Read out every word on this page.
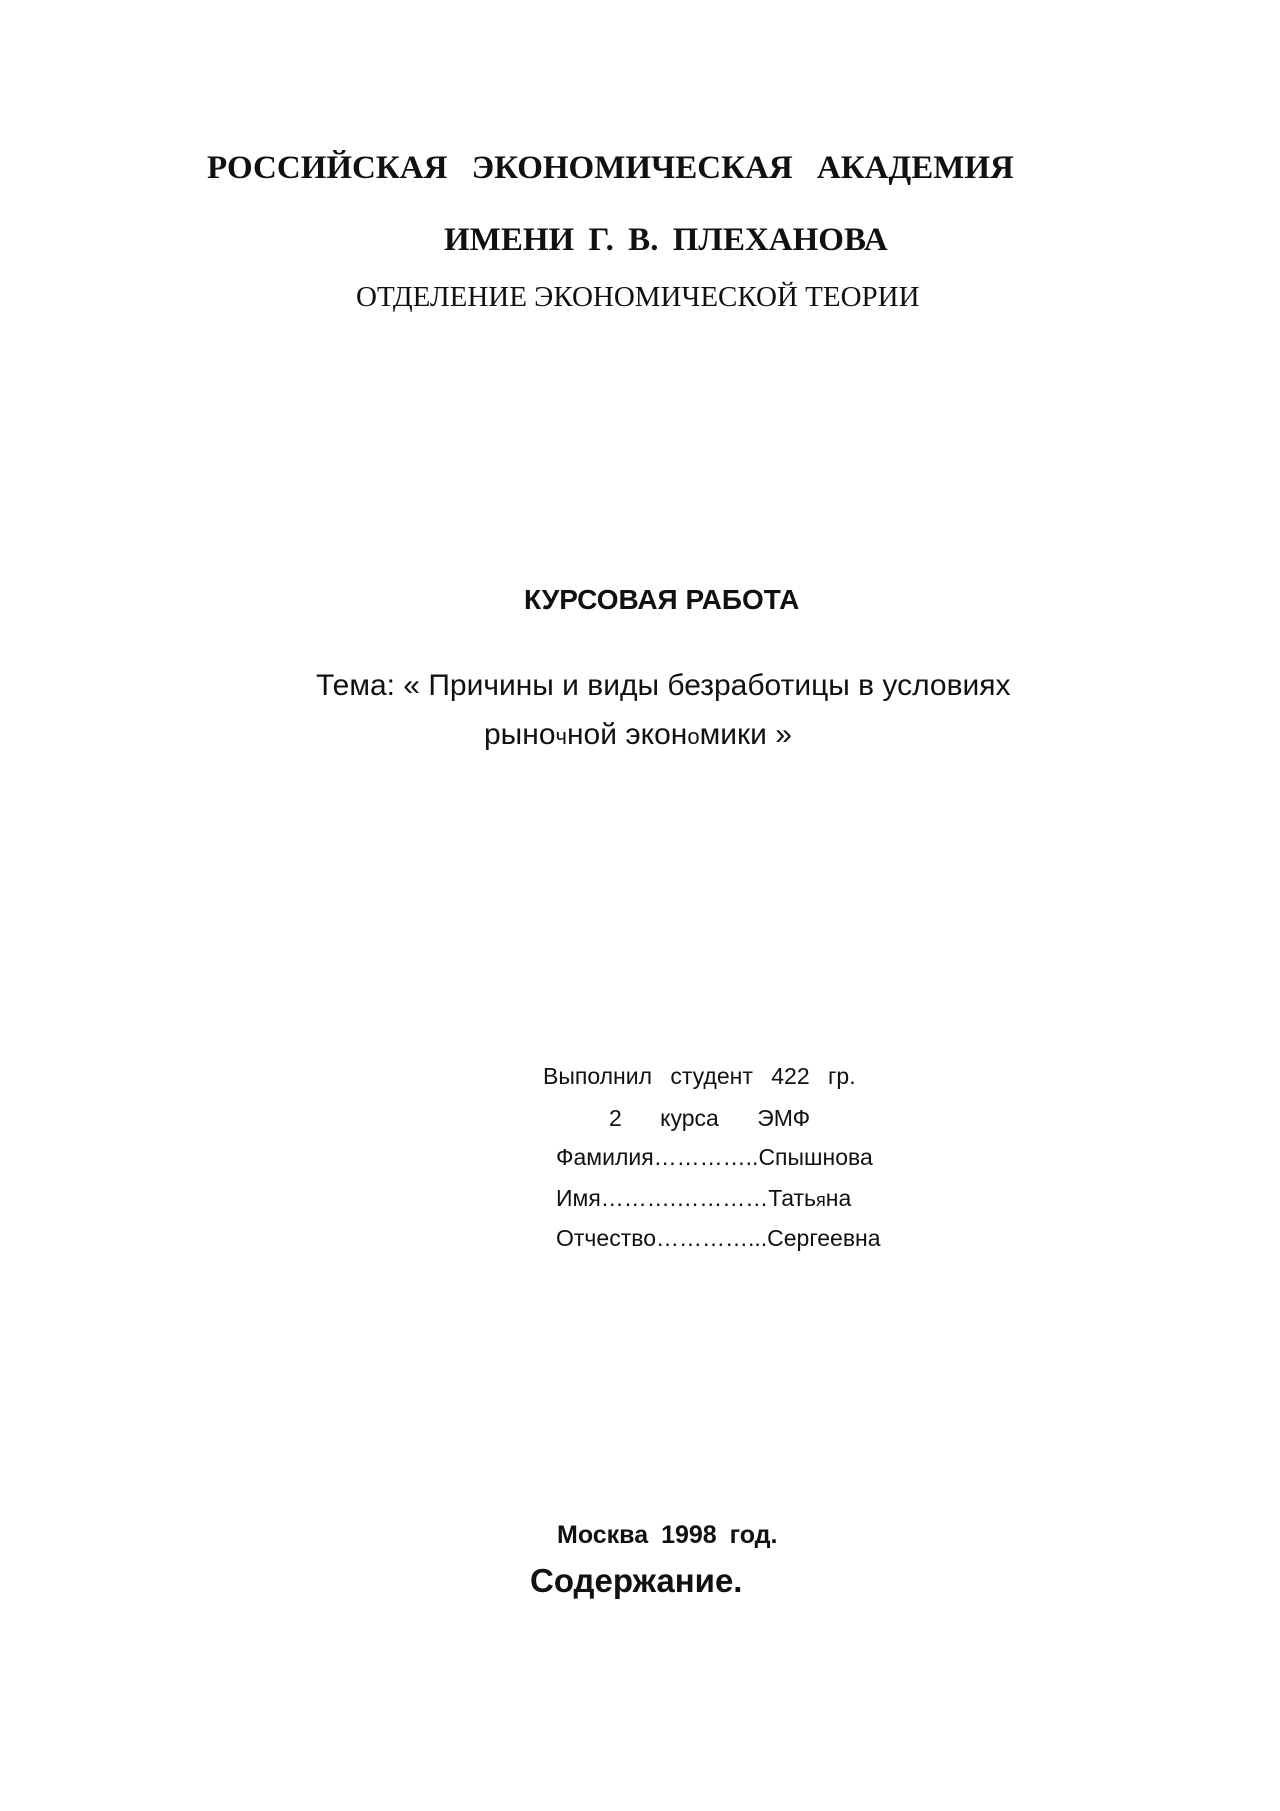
РОССИЙСКАЯ ЭКОНОМИЧЕСКАЯ АКАДЕМИЯ
ИМЕНИ Г. В. ПЛЕХАНОВА
ОТДЕЛЕНИЕ ЭКОНОМИЧЕСКОЙ ТЕОРИИ
КУРСОВАЯ РАБОТА
Тема: « Причины и виды безработицы в условиях
рыночной экономики »
Выполнил студент 422 гр.
2 курса ЭМФ
Фамилия…………..Спышнова
Имя……….…………Татьяна
Отчество…………...Сергеевна
Москва 1998 год.
Содержание.
